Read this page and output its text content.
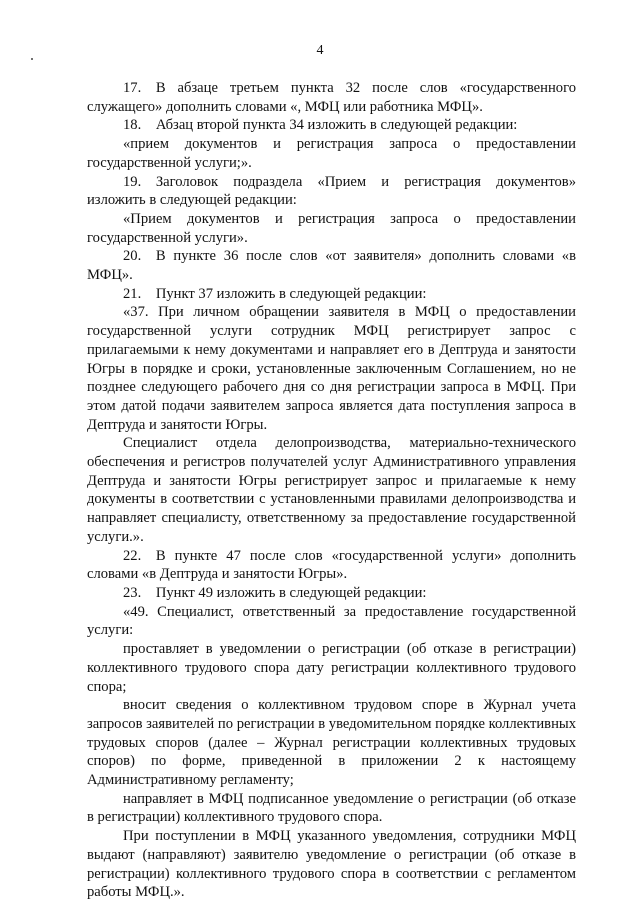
4

17. В абзаце третьем пункта 32 после слов «государственного служащего» дополнить словами «, МФЦ или работника МФЦ».

18. Абзац второй пункта 34 изложить в следующей редакции:

«прием документов и регистрация запроса о предоставлении государственной услуги;».

19. Заголовок подраздела «Прием и регистрация документов» изложить в следующей редакции:

«Прием документов и регистрация запроса о предоставлении государственной услуги».

20. В пункте 36 после слов «от заявителя» дополнить словами «в МФЦ».

21. Пункт 37 изложить в следующей редакции:

«37. При личном обращении заявителя в МФЦ о предоставлении государственной услуги сотрудник МФЦ регистрирует запрос с прилагаемыми к нему документами и направляет его в Дептруда и занятости Югры в порядке и сроки, установленные заключенным Соглашением, но не позднее следующего рабочего дня со дня регистрации запроса в МФЦ. При этом датой подачи заявителем запроса является дата поступления запроса в Дептруда и занятости Югры.

Специалист отдела делопроизводства, материально-технического обеспечения и регистров получателей услуг Административного управления Дептруда и занятости Югры регистрирует запрос и прилагаемые к нему документы в соответствии с установленными правилами делопроизводства и направляет специалисту, ответственному за предоставление государственной услуги.».

22. В пункте 47 после слов «государственной услуги» дополнить словами «в Дептруда и занятости Югры».

23. Пункт 49 изложить в следующей редакции:

«49. Специалист, ответственный за предоставление государственной услуги:

проставляет в уведомлении о регистрации (об отказе в регистрации) коллективного трудового спора дату регистрации коллективного трудового спора;

вносит сведения о коллективном трудовом споре в Журнал учета запросов заявителей по регистрации в уведомительном порядке коллективных трудовых споров (далее – Журнал регистрации коллективных трудовых споров) по форме, приведенной в приложении 2 к настоящему Административному регламенту;

направляет в МФЦ подписанное уведомление о регистрации (об отказе в регистрации) коллективного трудового спора.

При поступлении в МФЦ указанного уведомления, сотрудники МФЦ выдают (направляют) заявителю уведомление о регистрации (об отказе в регистрации) коллективного трудового спора в соответствии с регламентом работы МФЦ.».
